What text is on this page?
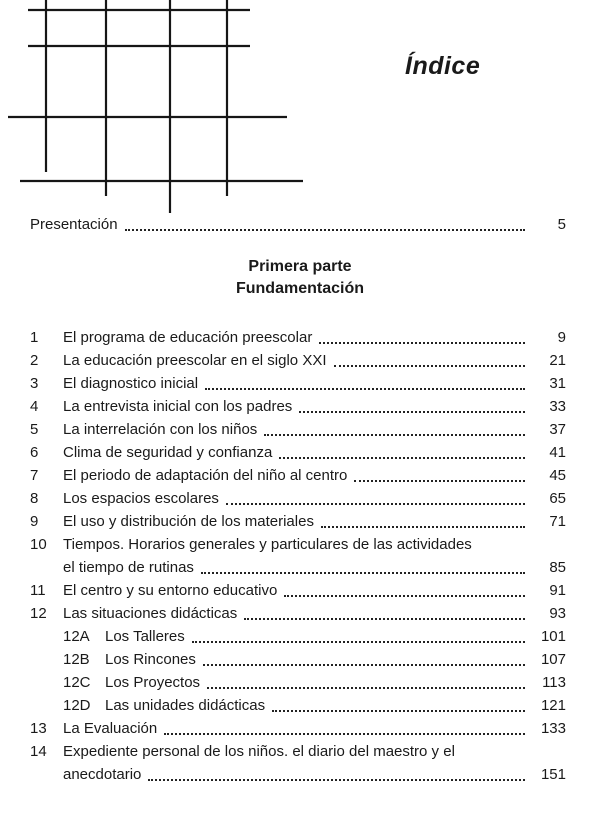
Índice
Presentación	5
Primera parte
Fundamentación
1	El programa de educación preescolar	9
2	La educación preescolar en el siglo XXI	21
3	El diagnostico inicial	31
4	La entrevista inicial con los padres	33
5	La interrelación con los niños	37
6	Clima de seguridad y confianza	41
7	El periodo de adaptación del niño al centro	45
8	Los espacios escolares	65
9	El uso y distribución de los materiales	71
10	Tiempos. Horarios generales y particulares de las actividades
el tiempo de rutinas	85
11	El centro y su entorno educativo	91
12	Las situaciones didácticas	93
12A	Los Talleres	101
12B	Los Rincones	107
12C Los Proyectos	113
12D Las unidades didácticas	121
13	La Evaluación	133
14	Expediente personal de los niños. el diario del maestro y el
anecdotario	151
